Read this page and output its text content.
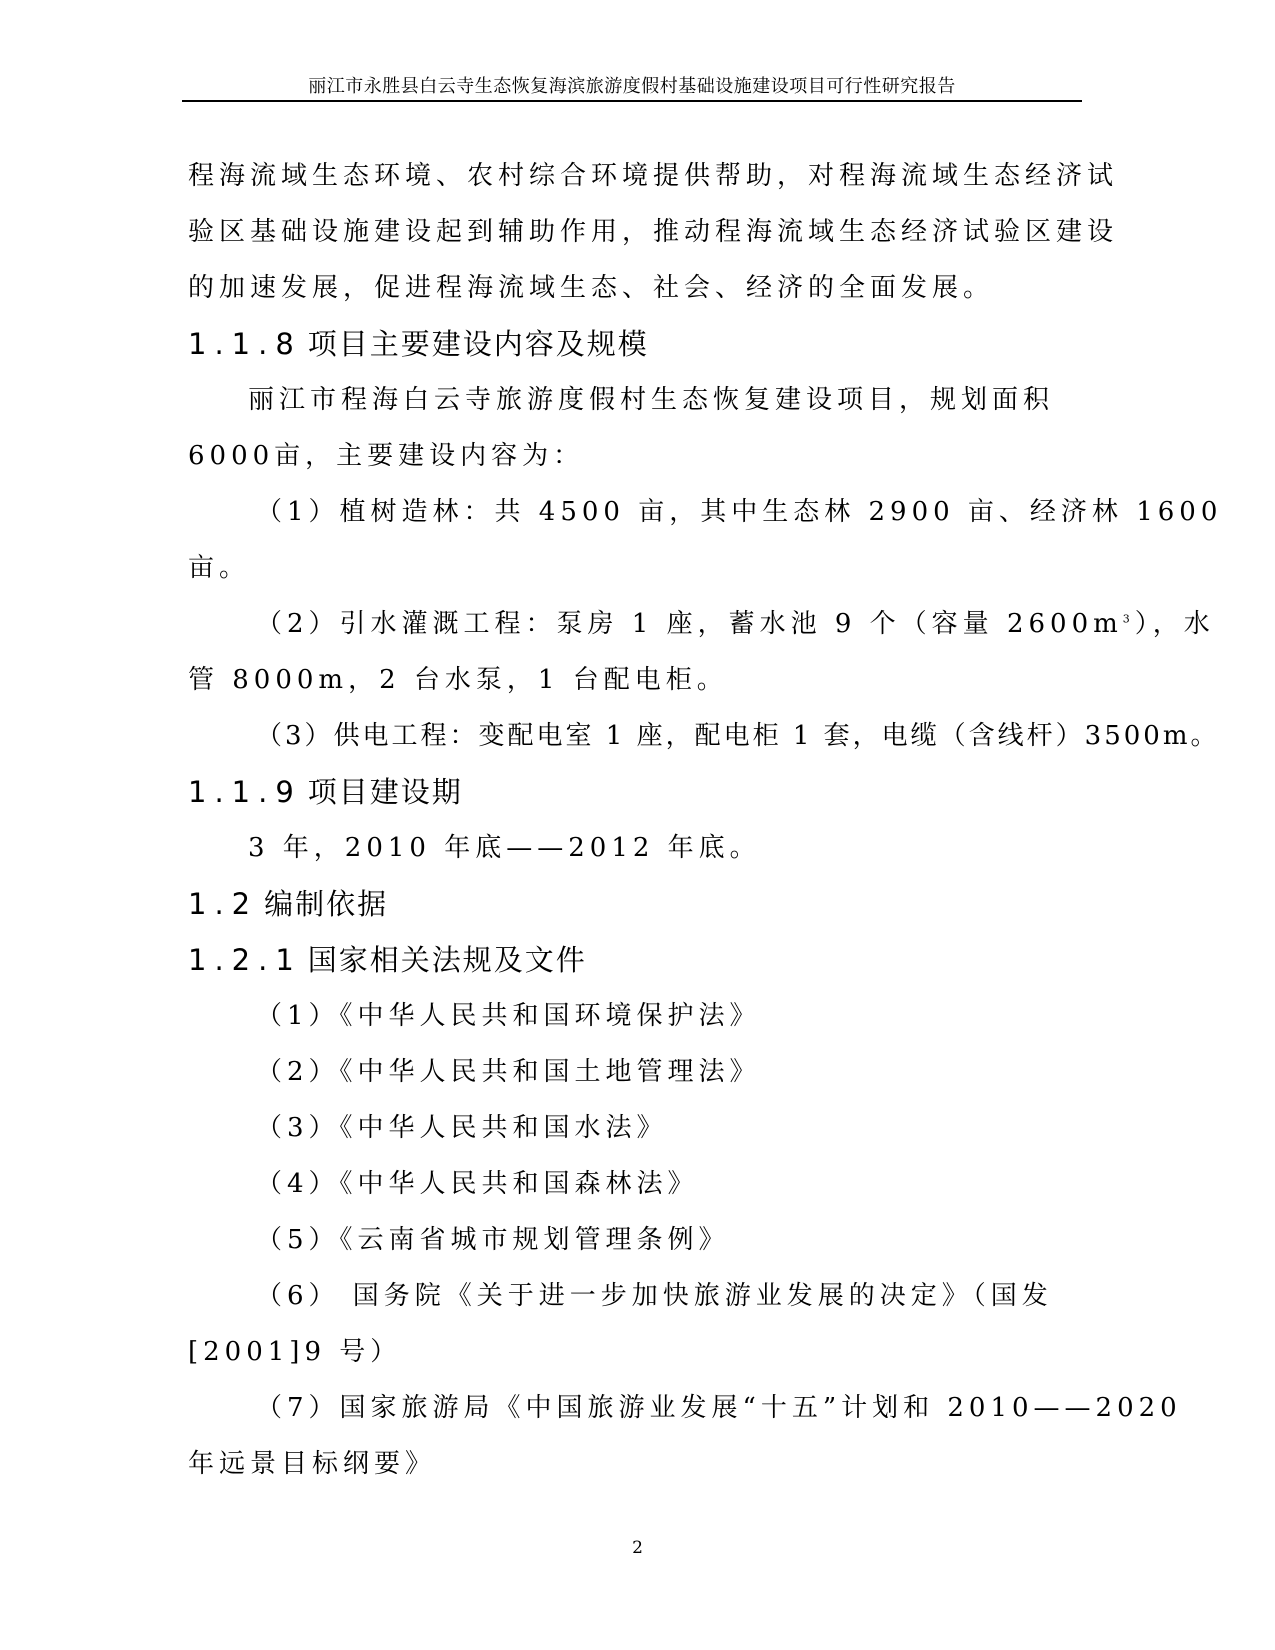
丽江市永胜县白云寺生态恢复海滨旅游度假村基础设施建设项目可行性研究报告
程海流域生态环境、农村综合环境提供帮助，对程海流域生态经济试
验区基础设施建设起到辅助作用，推动程海流域生态经济试验区建设
的加速发展，促进程海流域生态、社会、经济的全面发展。
1.1.8 项目主要建设内容及规模
丽江市程海白云寺旅游度假村生态恢复建设项目，规划面积
6000亩，主要建设内容为：
（1）植树造林：共 4500 亩，其中生态林 2900 亩、经济林 1600
亩。
（2）引水灌溉工程：泵房 1 座，蓄水池 9 个（容量 $2600m^3$），水
管 8000m，2 台水泵，1 台配电柜。
（3）供电工程：变配电室 1 座，配电柜 1 套，电缆（含线杆）3500m。
1.1.9 项目建设期
3 年，2010 年底——2012 年底。
1.2 编制依据
1.2.1 国家相关法规及文件
（1）《中华人民共和国环境保护法》
（2）《中华人民共和国土地管理法》
（3）《中华人民共和国水法》
（4）《中华人民共和国森林法》
（5）《云南省城市规划管理条例》
（6） 国务院《关于进一步加快旅游业发展的决定》（国发
[2001]9 号）
（7）国家旅游局《中国旅游业发展“十五”计划和 2010——2020
年远景目标纲要》
2
